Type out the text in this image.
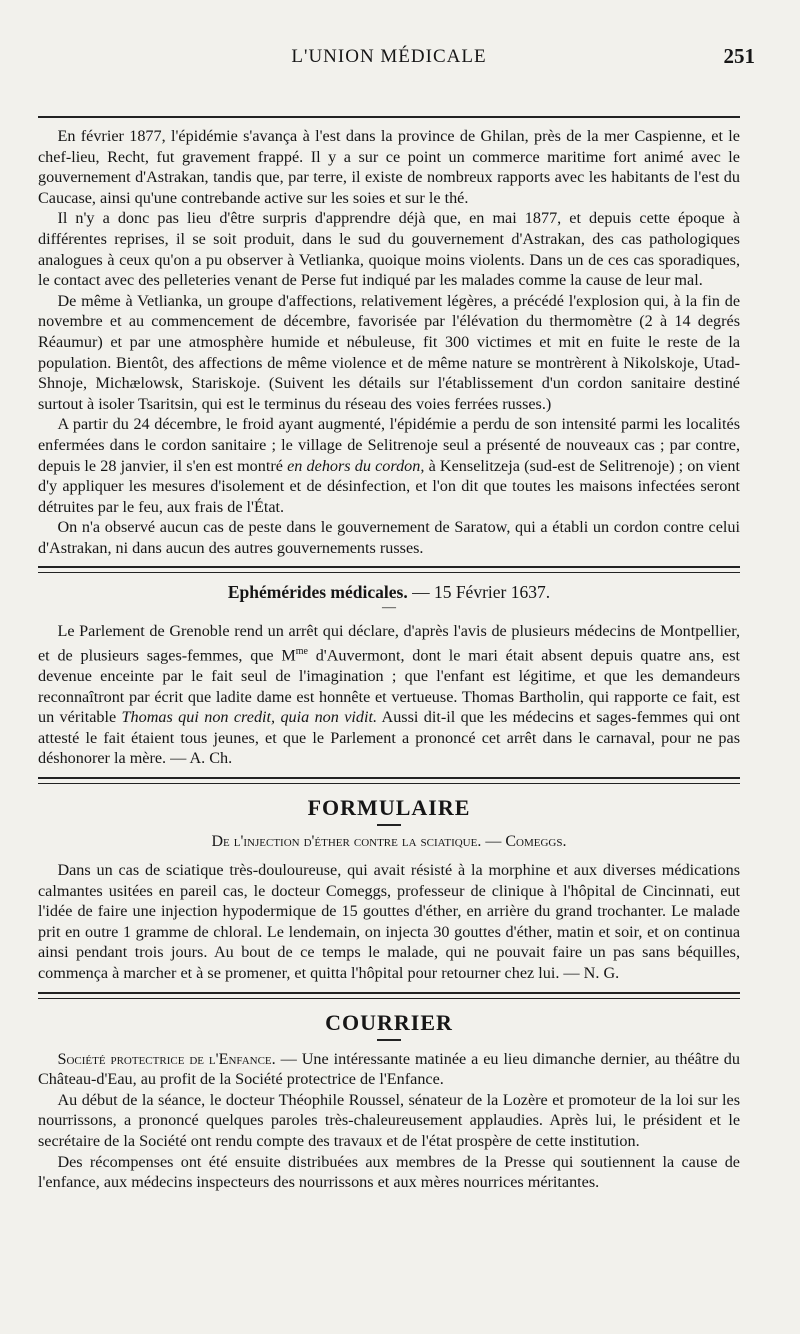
L'UNION MÉDICALE	251

En février 1877, l'épidémie s'avança à l'est dans la province de Ghilan, près de la mer Caspienne, et le chef-lieu, Recht, fut gravement frappé. Il y a sur ce point un commerce maritime fort animé avec le gouvernement d'Astrakan, tandis que, par terre, il existe de nombreux rapports avec les habitants de l'est du Caucase, ainsi qu'une contrebande active sur les soies et sur le thé.

Il n'y a donc pas lieu d'être surpris d'apprendre déjà que, en mai 1877, et depuis cette époque à différentes reprises, il se soit produit, dans le sud du gouvernement d'Astrakan, des cas pathologiques analogues à ceux qu'on a pu observer à Vetlianka, quoique moins violents. Dans un de ces cas sporadiques, le contact avec des pelleteries venant de Perse fut indiqué par les malades comme la cause de leur mal.

De même à Vetlianka, un groupe d'affections, relativement légères, a précédé l'explosion qui, à la fin de novembre et au commencement de décembre, favorisée par l'élévation du thermomètre (2 à 14 degrés Réaumur) et par une atmosphère humide et nébuleuse, fit 300 victimes et mit en fuite le reste de la population. Bientôt, des affections de même violence et de même nature se montrèrent à Nikolskoje, Utad-Shnoje, Michælowsk, Stariskoje. (Suivent les détails sur l'établissement d'un cordon sanitaire destiné surtout à isoler Tsaritsin, qui est le terminus du réseau des voies ferrées russes.)

A partir du 24 décembre, le froid ayant augmenté, l'épidémie a perdu de son intensité parmi les localités enfermées dans le cordon sanitaire ; le village de Selitrenoje seul a présenté de nouveaux cas ; par contre, depuis le 28 janvier, il s'en est montré en dehors du cordon, à Kenselitzeja (sud-est de Selitrenoje) ; on vient d'y appliquer les mesures d'isolement et de désinfection, et l'on dit que toutes les maisons infectées seront détruites par le feu, aux frais de l'État.

On n'a observé aucun cas de peste dans le gouvernement de Saratow, qui a établi un cordon contre celui d'Astrakan, ni dans aucun des autres gouvernements russes.

Ephémérides médicales. — 15 Février 1637.
—

Le Parlement de Grenoble rend un arrêt qui déclare, d'après l'avis de plusieurs médecins de Montpellier, et de plusieurs sages-femmes, que $M^{me}$ d'Auvermont, dont le mari était absent depuis quatre ans, est devenue enceinte par le fait seul de l'imagination ; que l'enfant est légitime, et que les demandeurs reconnaîtront par écrit que ladite dame est honnête et vertueuse. Thomas Bartholin, qui rapporte ce fait, est un véritable Thomas qui non credit, quia non vidit. Aussi dit-il que les médecins et sages-femmes qui ont attesté le fait étaient tous jeunes, et que le Parlement a prononcé cet arrêt dans le carnaval, pour ne pas déshonorer la mère. — A. Ch.

FORMULAIRE
De l'injection d'éther contre la sciatique. — Comeggs.

Dans un cas de sciatique très-douloureuse, qui avait résisté à la morphine et aux diverses médications calmantes usitées en pareil cas, le docteur Comeggs, professeur de clinique à l'hôpital de Cincinnati, eut l'idée de faire une injection hypodermique de 15 gouttes d'éther, en arrière du grand trochanter. Le malade prit en outre 1 gramme de chloral. Le lendemain, on injecta 30 gouttes d'éther, matin et soir, et on continua ainsi pendant trois jours. Au bout de ce temps le malade, qui ne pouvait faire un pas sans béquilles, commença à marcher et à se promener, et quitta l'hôpital pour retourner chez lui. — N. G.

COURRIER

Société protectrice de l'Enfance. — Une intéressante matinée a eu lieu dimanche dernier, au théâtre du Château-d'Eau, au profit de la Société protectrice de l'Enfance.

Au début de la séance, le docteur Théophile Roussel, sénateur de la Lozère et promoteur de la loi sur les nourrissons, a prononcé quelques paroles très-chaleureusement applaudies. Après lui, le président et le secrétaire de la Société ont rendu compte des travaux et de l'état prospère de cette institution.

Des récompenses ont été ensuite distribuées aux membres de la Presse qui soutiennent la cause de l'enfance, aux médecins inspecteurs des nourrissons et aux mères nourrices méritantes.
